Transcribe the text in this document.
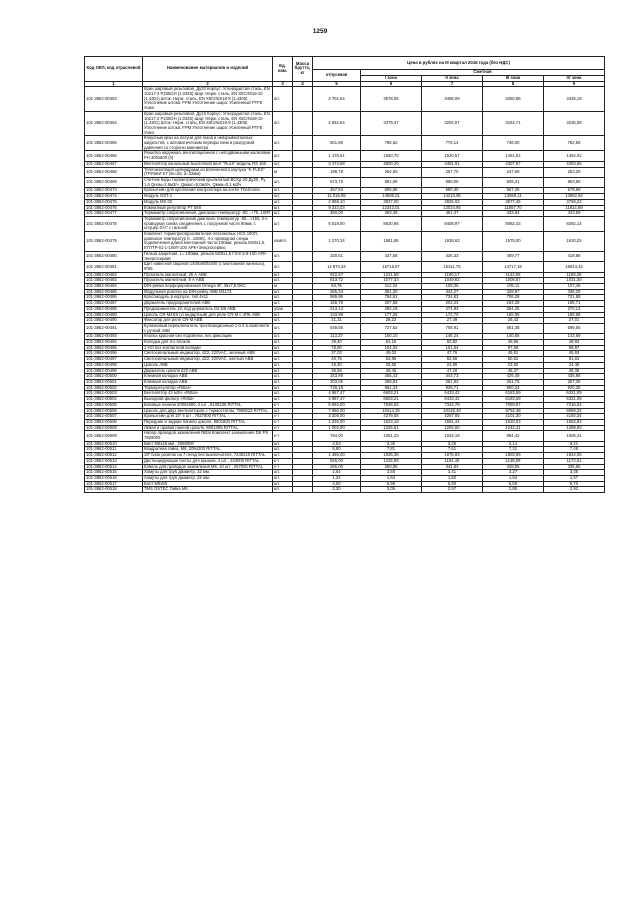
1259
Код ОКП, код отраслевой	Наименование материалов и изделий	Ед. изм.	Масса брутто, кг	Цена в рублях на III квартал 2016 года (без НДС)				
				отпускная	Сметная			
					I зона	II зона	III зона	IV зона
1	2	3	4	5	6	7	8	9
101-3862-00463	Кран шаровый резьбовой, Ду20 Корпус: Углеродистая сталь, EN 10217-2 P235GH (1.0345) Шар: Нерж. сталь, EN X5CrNi18-10 (1.4301) Шток: Нерж. сталь, EN X6CrNiS18-9 (1.4305) Уплотнение штока: FPM Уплотнение шара: Усиленный PTFE Ушко	шт.		2 702,54	3578,06	3486,09	3350,88	3425,19
101-3862-00464	Кран шаровый резьбовой, Ду15 Корпус: Углеродистая сталь, EN 10217-2 P235GH (1.0345) Шар: Нерж. сталь, EN X5CrNi18-10 (1.4301) Шток: Нерж. сталь, EN X6CrNiS18-9 (1.4305) Уплотнение штока: FPM Уплотнение шара: Усиленный PTFE Ушко	шт.		2 552,54	3379,47	3292,57	3164,71	3235,08
101-3862-00465	Конусный кран на латуни для газов и невзрывоопасных жидкостей, с автоматическим перекрытием и разгрузкой давления со стороны манометра	шт.		601,69	796,62	776,14	746,00	762,58
101-3862-00466	Решетка наружная, вентиляционная с неподвижными жалюзями РН 300х600 (h)	шт.		1 178,51	1560,70	1520,57	1461,52	1494,02
101-3862-00467	Вентилятор канальный выхлопной вент "Ruck" модель RS 160	шт.		3 474,58	4600,20	4481,91	4307,87	4403,66
101-3862-00468	Теплоизоляция цилиндрами из вспененного каучука "K-FLEX" (ТРУБКИ ST Dн=28, δ=32мм)	м		199,78	264,50	257,70	247,69	253,20
101-3862-00469	Счетчик воды тахометрический крыльчатый ВСХд-20 Ду20, Ру 1,6 Qном=2,5м3/ч, Qмакс=5,0м3/ч, Qмин=0,1 м3/ч	шт.		673,75	891,99	869,05	835,31	853,88
101-3862-00473	Кронштейн для крепления контроллера на котёл Thermona	шт.		457,63	605,86	590,30	567,36	579,99
101-3862-00474	Модуль OST-1	шт.		11 016,95	14586,01	14210,95	13659,11	13962,82
101-3862-00475	Модуль MS 02	шт.		2 966,10	3927,00	3826,02	3677,45	3759,22
101-3862-00476	Комнатный регулятор PT 59X	шт.		9 322,03	12342,01	12024,65	11557,70	11814,69
101-3862-00477	Термометр сопротивления, диапазон температур -50...+75, 100П	шт.		350,00	463,38	451,47	433,94	443,59
101-3862-00478	Термометр сопротивления диапазон температур -50...+150, 2-х проводная схема соединения, L погружной части 80мм, t. штуцер G½" с гильзой	шт.		6 519,00	8630,95	8408,97	8082,43	8262,14
101-3862-00479	Комплект термопреобразователей платиновых НСХ 100П, диапазон температур 0...1500С, 4-х проводная схема подключения длина монтажной части 100мм, резьба М20х1,5. КТПТР-01-1-100П-100 АРК+Энергосервис	компл.		1 270,34	1681,88	1638,63	1575,00	1610,02
101-3862-00480	Гильза защитная, L= 100мм, резьба М20х1,5 ГЗ-8-3-8-100 АРК-Энергосервис	шт.		330,51	437,58	426,33	409,77	418,88
101-3862-00481	Щит навесной сварной 1400х800х300 (с монтажной панелью), IP65	шт.		11 870,34	15715,87	15311,75	14717,18	15044,42
101-3862-00482	Пускатель магнитный, 25 А ABB	шт.		922,67	1221,58	1190,17	1143,95	1169,39
101-3862-00483	Пускатель магнитный, 9 А ABB	шт.		813,72	1077,33	1049,63	1008,87	1031,30
101-3862-00484	DIN-рейка перфорированная Omega 3F, 35х7,5 DKC	м		84,78	112,24	109,36	105,11	107,45
101-3862-00485	Модульная розетка на DIN-рейку ABB M1173	шт.		265,34	351,30	342,27	328,97	336,29
101-3862-00486	Кроссмодуль в корпусе, тип 4х11	шт.		569,96	754,61	734,82	706,28	721,98
101-3862-00487	Держатель предохранителей ABB	шт.		156,79	207,58	202,24	194,39	198,71
101-3862-00488	Предохранитель 2А под держатель D2 5/8 ABB	упак.		213,14	282,18	274,93	264,25	270,13
101-3862-00489	Цоколь CR-M4SS (стандартный) для реле CR-M с 4ПК ABB	шт.		133,98	177,25	172,70	165,99	169,68
101-3862-00490	Фиксатор для реле CR-M ABB	шт.		21,31	28,22	27,49	26,43	27,01
101-3862-00491	Кулачковый переключатель трехпозиционный 1-0-2 в комплекте с ручкой ABB	шт.		549,58	727,62	708,91	681,38	696,55
101-3862-00493	Кнопка красная без подсветки, без фиксации	шт.		113,37	150,10	146,24	140,56	143,69
101-3862-00494	Колодка для 3-х блоков	шт.		39,40	52,16	50,82	48,85	49,93
101-3862-00495	1 НО без контактной колодки	шт.		78,80	104,32	101,64	97,69	99,87
101-3862-00496	Светосигнальный индикатор, d22, 220VAC, зеленый ABB	шт.		37,03	49,02	47,76	45,91	46,93
101-3862-00497	Светосигнальный индикатор, d22, 220VAC, желтый ABB	шт.		40,75	53,95	52,56	50,52	51,64
101-3862-00498	Цоколь ABB	шт.		19,30	25,55	24,89	23,92	24,46
101-3862-00499	Держатель цоколя d22 ABB	шт.		36,59	48,45	47,20	45,37	46,38
101-3862-00500	Клемная колодка ABB	шт.		343,99	455,43	443,73	426,49	435,98
101-3862-00501	Клемная колодка ABB	шт.		203,05	268,83	261,92	251,75	257,35
101-3862-00502	Терморегулятор «Rittal»	шт.		726,18	961,43	936,71	900,33	920,35
101-3862-00503	Вентилятор 43 м3/ч «Rittal»	шт.		4 987,47	6603,21	6433,42	6183,59	6321,09
101-3862-00504	Выходной фильтр «Rittal»	шт.		4 987,47	6603,21	6433,42	6183,59	6321,09
101-3862-00505	Боковые панели 2000х800, 2 шт , 8108235 RITTAL	к-т		5 694,00	7538,63	7344,79	7059,57	7216,54
101-3862-00506	Цоколь для двух вентиляторов с термостатом, 7986023 RITTAL	шт.		7 866,00	10414,28	10146,49	9752,48	9969,32
101-3862-00507	Кронштейн для 19" 4 шт , 7827800 RITTAL	к-т		3 308,00	4379,58	4267,05	4101,30	4192,34
101-3862-00508	Передние и задние панели цоколя, 8601800 RITTAL	к-т		1 226,00	1623,18	1581,44	1520,03	1553,83
101-3862-00508	Левая и правая панели цоколя, 8601085 RITTAL	к-т		1 002,00	1326,61	1292,50	1242,31	1269,93
101-3862-00509	Набор проводов заземления Rittal Комплект заземления DK PS 7829000	к-т		794,00	1051,23	1024,19	984,42	1006,31
101-3862-00510	Винт М6х16 мм , 2089000	шт.		2,53	3,35	3,26	3,14	3,21
101-3862-00511	Квадратная гайка, М6, 2094200 RITTAL	шт.		5,90	7,81	7,61	7,31	7,48
101-3862-00512	19" блок розеток на 7 гнезд без выключателя, 7240210 RITTAL	шт.		1 455,00	1926,38	1876,83	1803,95	1844,06
101-3862-00513	Дистанцирующие болты для крышки, 4 шт , 243000 RITTAL	к-т		926,00	1225,99	1194,46	1148,08	1173,61
101-3862-00514	Кабель для проводов заземления М6, 10 шт , 257000 RITTAL	к-т		265,00	350,85	341,83	328,55	335,86
101-3862-00515	Хомуты для труб диаметр. 32 мм.	шт.		2,64	3,50	3,41	3,27	3,35
101-3862-00516	Хомуты для труб диаметр. 32 мм.	шт.		1,24	1,64	1,60	1,54	1,57
101-3862-00517	Болт М8х50	шт.		4,50	5,96	5,80	5,58	5,70
101-3862-00518	TMS OSTEC Гайка М6	шт.		2,30	3,05	2,97	2,85	2,92
